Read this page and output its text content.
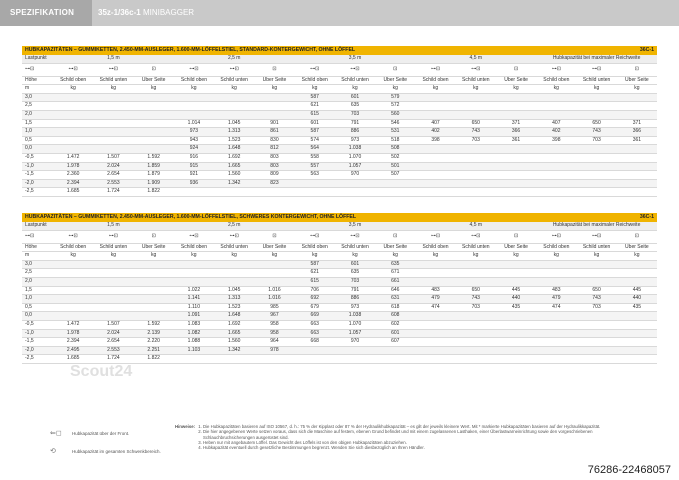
SPEZIFIKATION	35z-1/36c-1 MINIBAGGER
HUBKAPAZITÄTEN – GUMMIKETTEN, 2.450-MM-AUSLEGER, 1.600-MM-LÖFFELSTIEL, STANDARD-KONTERGEWICHT, OHNE LÖFFEL	36C-1
Lastpunkt	1,5 m			2,5 m			3,5 m			4,5 m			Hubkapazität bei maximaler Reichweite		
⊶⊡	⊶⊡	⊶⊡	⊡	⊶⊡	⊶⊡	⊡	⊶⊡	⊶⊡	⊡	⊶⊡	⊶⊡	⊡	⊶⊡	⊶⊡	⊡
Höhe	Schild oben	Schild unten	Über Seite	Schild oben	Schild unten	Über Seite	Schild oben	Schild unten	Über Seite	Schild oben	Schild unten	Über Seite	Schild oben	Schild unten	Über Seite
m	kg	kg	kg	kg	kg	kg	kg	kg	kg	kg	kg	kg	kg	kg	kg
3,0							587	601	579						
2,5							621	635	572						
2,0							615	703	560						
1,5				1.014	1.045	901	601	791	546	407	650	371	407	650	371
1,0				973	1.313	861	587	886	531	402	743	366	402	743	366
0,5				943	1.523	830	574	973	518	398	703	361	398	703	361
0,0				924	1.648	812	564	1.038	508						
-0,5	1.472	1.507	1.592	916	1.692	803	558	1.070	502						
-1,0	1.978	2.024	1.859	915	1.665	803	557	1.057	501						
-1,5	2.360	2.654	1.879	921	1.560	809	563	970	507						
-2,0	2.394	2.553	1.909	936	1.342	823									
-2,5	1.685	1.724	1.822												
HUBKAPAZITÄTEN – GUMMIKETTEN, 2.450-MM-AUSLEGER, 1.600-MM-LÖFFELSTIEL, SCHWERES KONTERGEWICHT, OHNE LÖFFEL	36C-1
Lastpunkt	1,5 m			2,5 m			3,5 m			4,5 m			Hubkapazität bei maximaler Reichweite		
⊶⊡	⊶⊡	⊶⊡	⊡	⊶⊡	⊶⊡	⊡	⊶⊡	⊶⊡	⊡	⊶⊡	⊶⊡	⊡	⊶⊡	⊶⊡	⊡
Höhe	Schild oben	Schild unten	Über Seite	Schild oben	Schild unten	Über Seite	Schild oben	Schild unten	Über Seite	Schild oben	Schild unten	Über Seite	Schild oben	Schild unten	Über Seite
m	kg	kg	kg	kg	kg	kg	kg	kg	kg	kg	kg	kg	kg	kg	kg
3,0							587	601	635						
2,5							621	635	671						
2,0							615	703	661						
1,5				1.022	1.045	1.016	706	791	646	483	650	445	483	650	445
1,0				1.141	1.313	1.016	692	886	631	479	743	440	479	743	440
0,5				1.110	1.523	985	679	973	618	474	703	435	474	703	435
0,0				1.091	1.648	967	669	1.038	608						
-0,5	1.472	1.507	1.592	1.083	1.692	958	663	1.070	602						
-1,0	1.978	2.024	2.139	1.082	1.665	958	663	1.057	601						
-1,5	2.394	2.654	2.220	1.088	1.560	964	668	970	607						
-2,0	2.495	2.553	2.251	1.103	1.342	978									
-2,5	1.685	1.724	1.822												
Scout24
⇐◻	Hubkapazität über der Front.
⟲	Hubkapazität im gesamten Schwenkbereich.
Hinweise: 1. Die Hubkapazitäten basieren auf ISO 10567, d. h.: 75 % der Kipplast oder 87 % der Hydraulikhubkapazität – es gilt der jeweils kleinere Wert. Mit * markierte Hubkapazitäten basieren auf der Hydraulikkapazität.
2. Die hier angegebenen Werte setzen voraus, dass sich die Maschine auf festem, ebenen Grund befindet und mit einem zugelassenen Lasthaken, einer Überlastwarneinrichtung sowie den vorgeschriebenen Schlauchbruchsicherungen ausgerüstet sind.
3. Heben nur mit angebautem Löffel. Das Gewicht des Löffels ist von den obigen Hubkapazitäten abzuziehen.
4. Hubkapazität eventuell durch gesetzliche Bestimmungen begrenzt. Wenden Sie sich diesbezüglich an Ihren Händler.
76286-22468057
